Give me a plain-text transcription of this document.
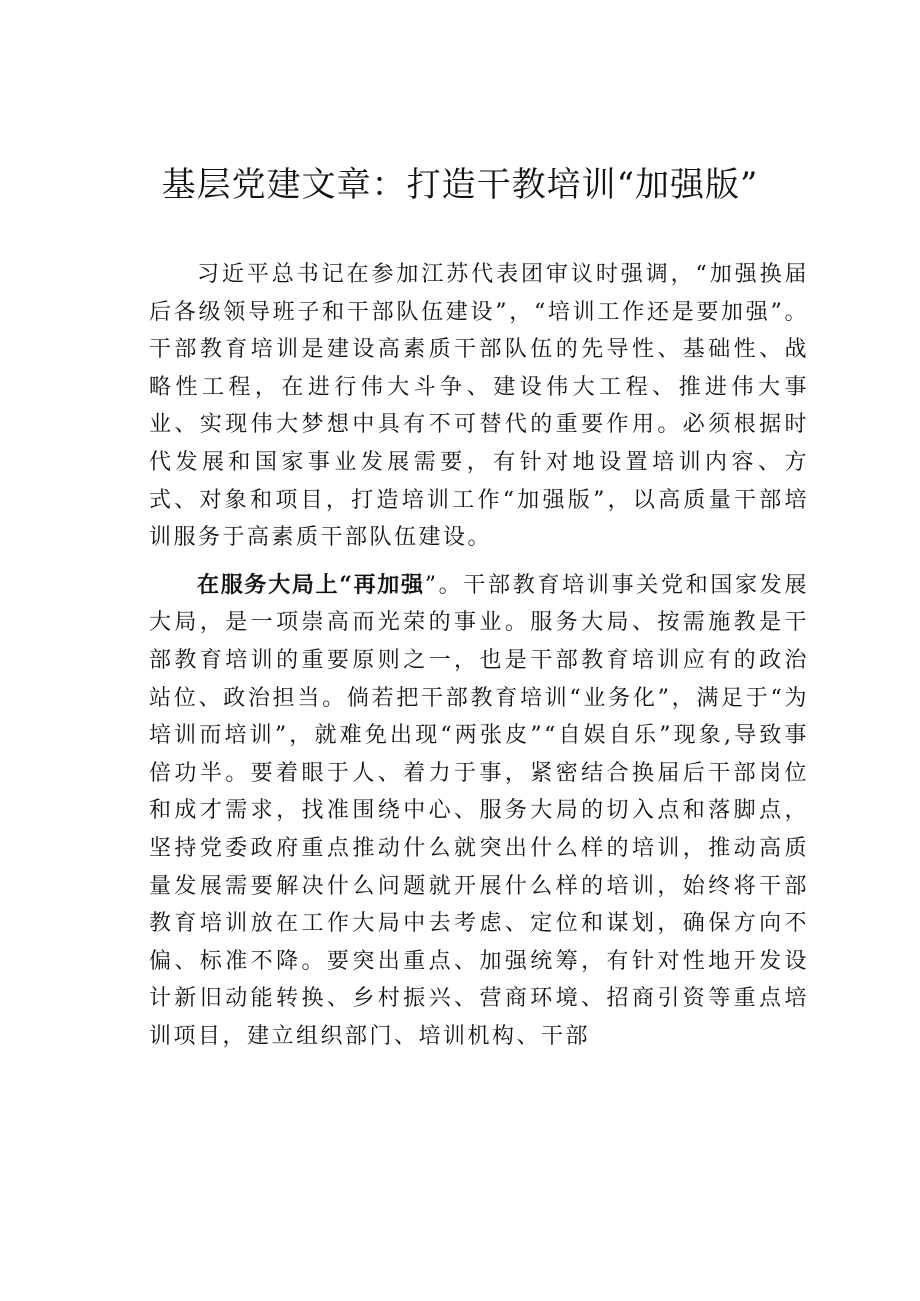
基层党建文章：打造干教培训“加强版”

习近平总书记在参加江苏代表团审议时强调，“加强换届后各级领导班子和干部队伍建设”，“培训工作还是要加强”。干部教育培训是建设高素质干部队伍的先导性、基础性、战略性工程，在进行伟大斗争、建设伟大工程、推进伟大事业、实现伟大梦想中具有不可替代的重要作用。必须根据时代发展和国家事业发展需要，有针对地设置培训内容、方式、对象和项目，打造培训工作“加强版”，以高质量干部培训服务于高素质干部队伍建设。

在服务大局上“再加强”。干部教育培训事关党和国家发展大局，是一项崇高而光荣的事业。服务大局、按需施教是干部教育培训的重要原则之一，也是干部教育培训应有的政治站位、政治担当。倘若把干部教育培训“业务化”，满足于“为培训而培训”，就难免出现“两张皮”“自娱自乐”现象,导致事倍功半。要着眼于人、着力于事，紧密结合换届后干部岗位和成才需求，找准围绕中心、服务大局的切入点和落脚点，坚持党委政府重点推动什么就突出什么样的培训，推动高质量发展需要解决什么问题就开展什么样的培训，始终将干部教育培训放在工作大局中去考虑、定位和谋划，确保方向不偏、标准不降。要突出重点、加强统筹，有针对性地开发设计新旧动能转换、乡村振兴、营商环境、招商引资等重点培训项目，建立组织部门、培训机构、干部
